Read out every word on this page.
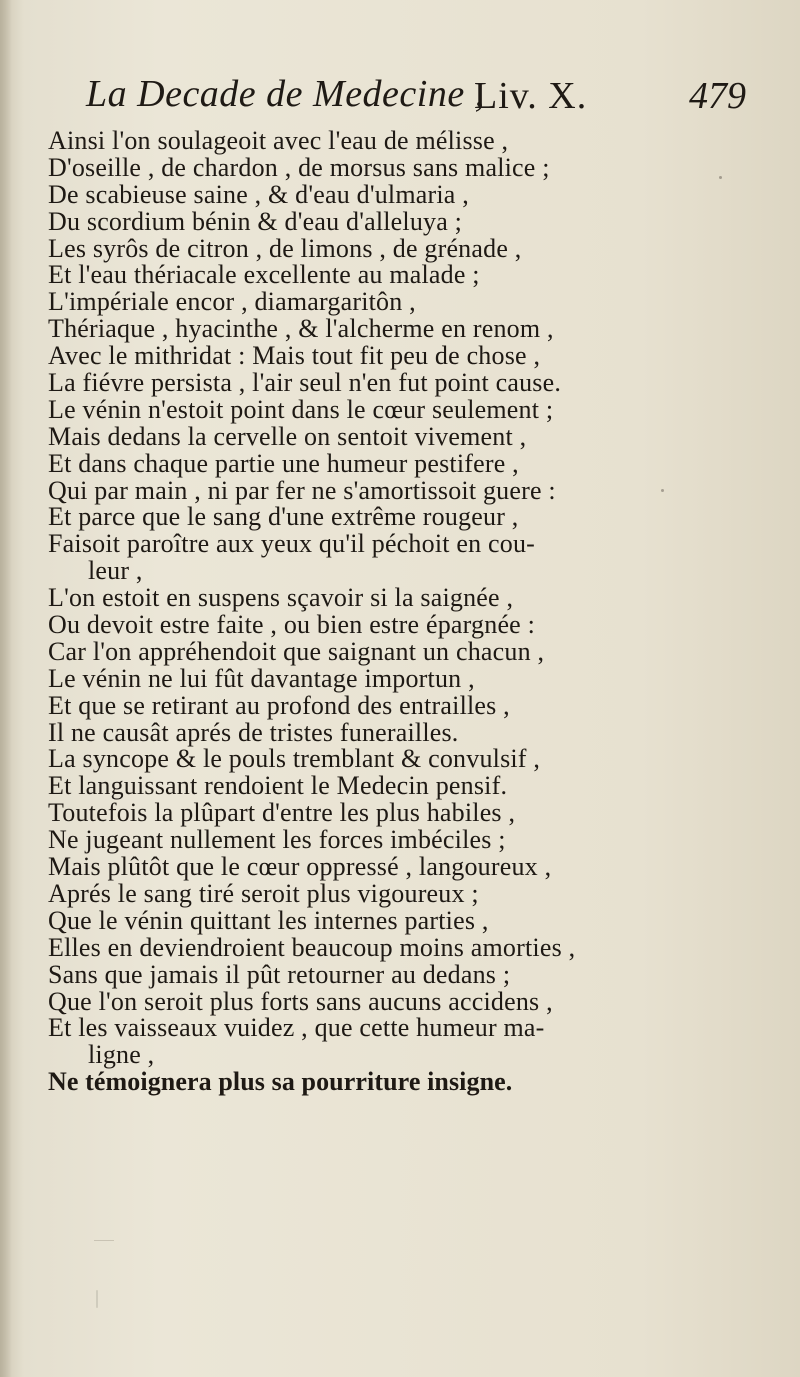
La Decade de Medecine ,
Liv. X.	479
Ainsi l'on soulageoit avec l'eau de mélisse ,
D'oseille , de chardon , de morsus sans malice ;
De scabieuse saine , & d'eau d'ulmaria ,
Du scordium bénin & d'eau d'alleluya ;
Les syrôs de citron , de limons , de grénade ,
Et l'eau thériacale excellente au malade ;
L'impériale encor , diamargaritôn ,
Thériaque , hyacinthe , & l'alcherme en renom ,
Avec le mithridat : Mais tout fit peu de chose ,
La fiévre persista , l'air seul n'en fut point cause.
Le vénin n'estoit point dans le cœur seulement ;
Mais dedans la cervelle on sentoit vivement ,
Et dans chaque partie une humeur pestifere ,
Qui par main , ni par fer ne s'amortissoit guere :
Et parce que le sang d'une extrême rougeur ,
Faisoit paroître aux yeux qu'il péchoit en cou-
leur ,
L'on estoit en suspens sçavoir si la saignée ,
Ou devoit estre faite , ou bien estre épargnée :
Car l'on appréhendoit que saignant un chacun ,
Le vénin ne lui fût davantage importun ,
Et que se retirant au profond des entrailles ,
Il ne causât aprés de tristes funerailles.
La syncope & le pouls tremblant & convulsif ,
Et languissant rendoient le Medecin pensif.
Toutefois la plûpart d'entre les plus habiles ,
Ne jugeant nullement les forces imbéciles ;
Mais plûtôt que le cœur oppressé , langoureux ,
Aprés le sang tiré seroit plus vigoureux ;
Que le vénin quittant les internes parties ,
Elles en deviendroient beaucoup moins amorties ,
Sans que jamais il pût retourner au dedans ;
Que l'on seroit plus forts sans aucuns accidens ,
Et les vaisseaux vuidez , que cette humeur ma-
ligne ,
Ne témoignera plus sa pourriture insigne.
